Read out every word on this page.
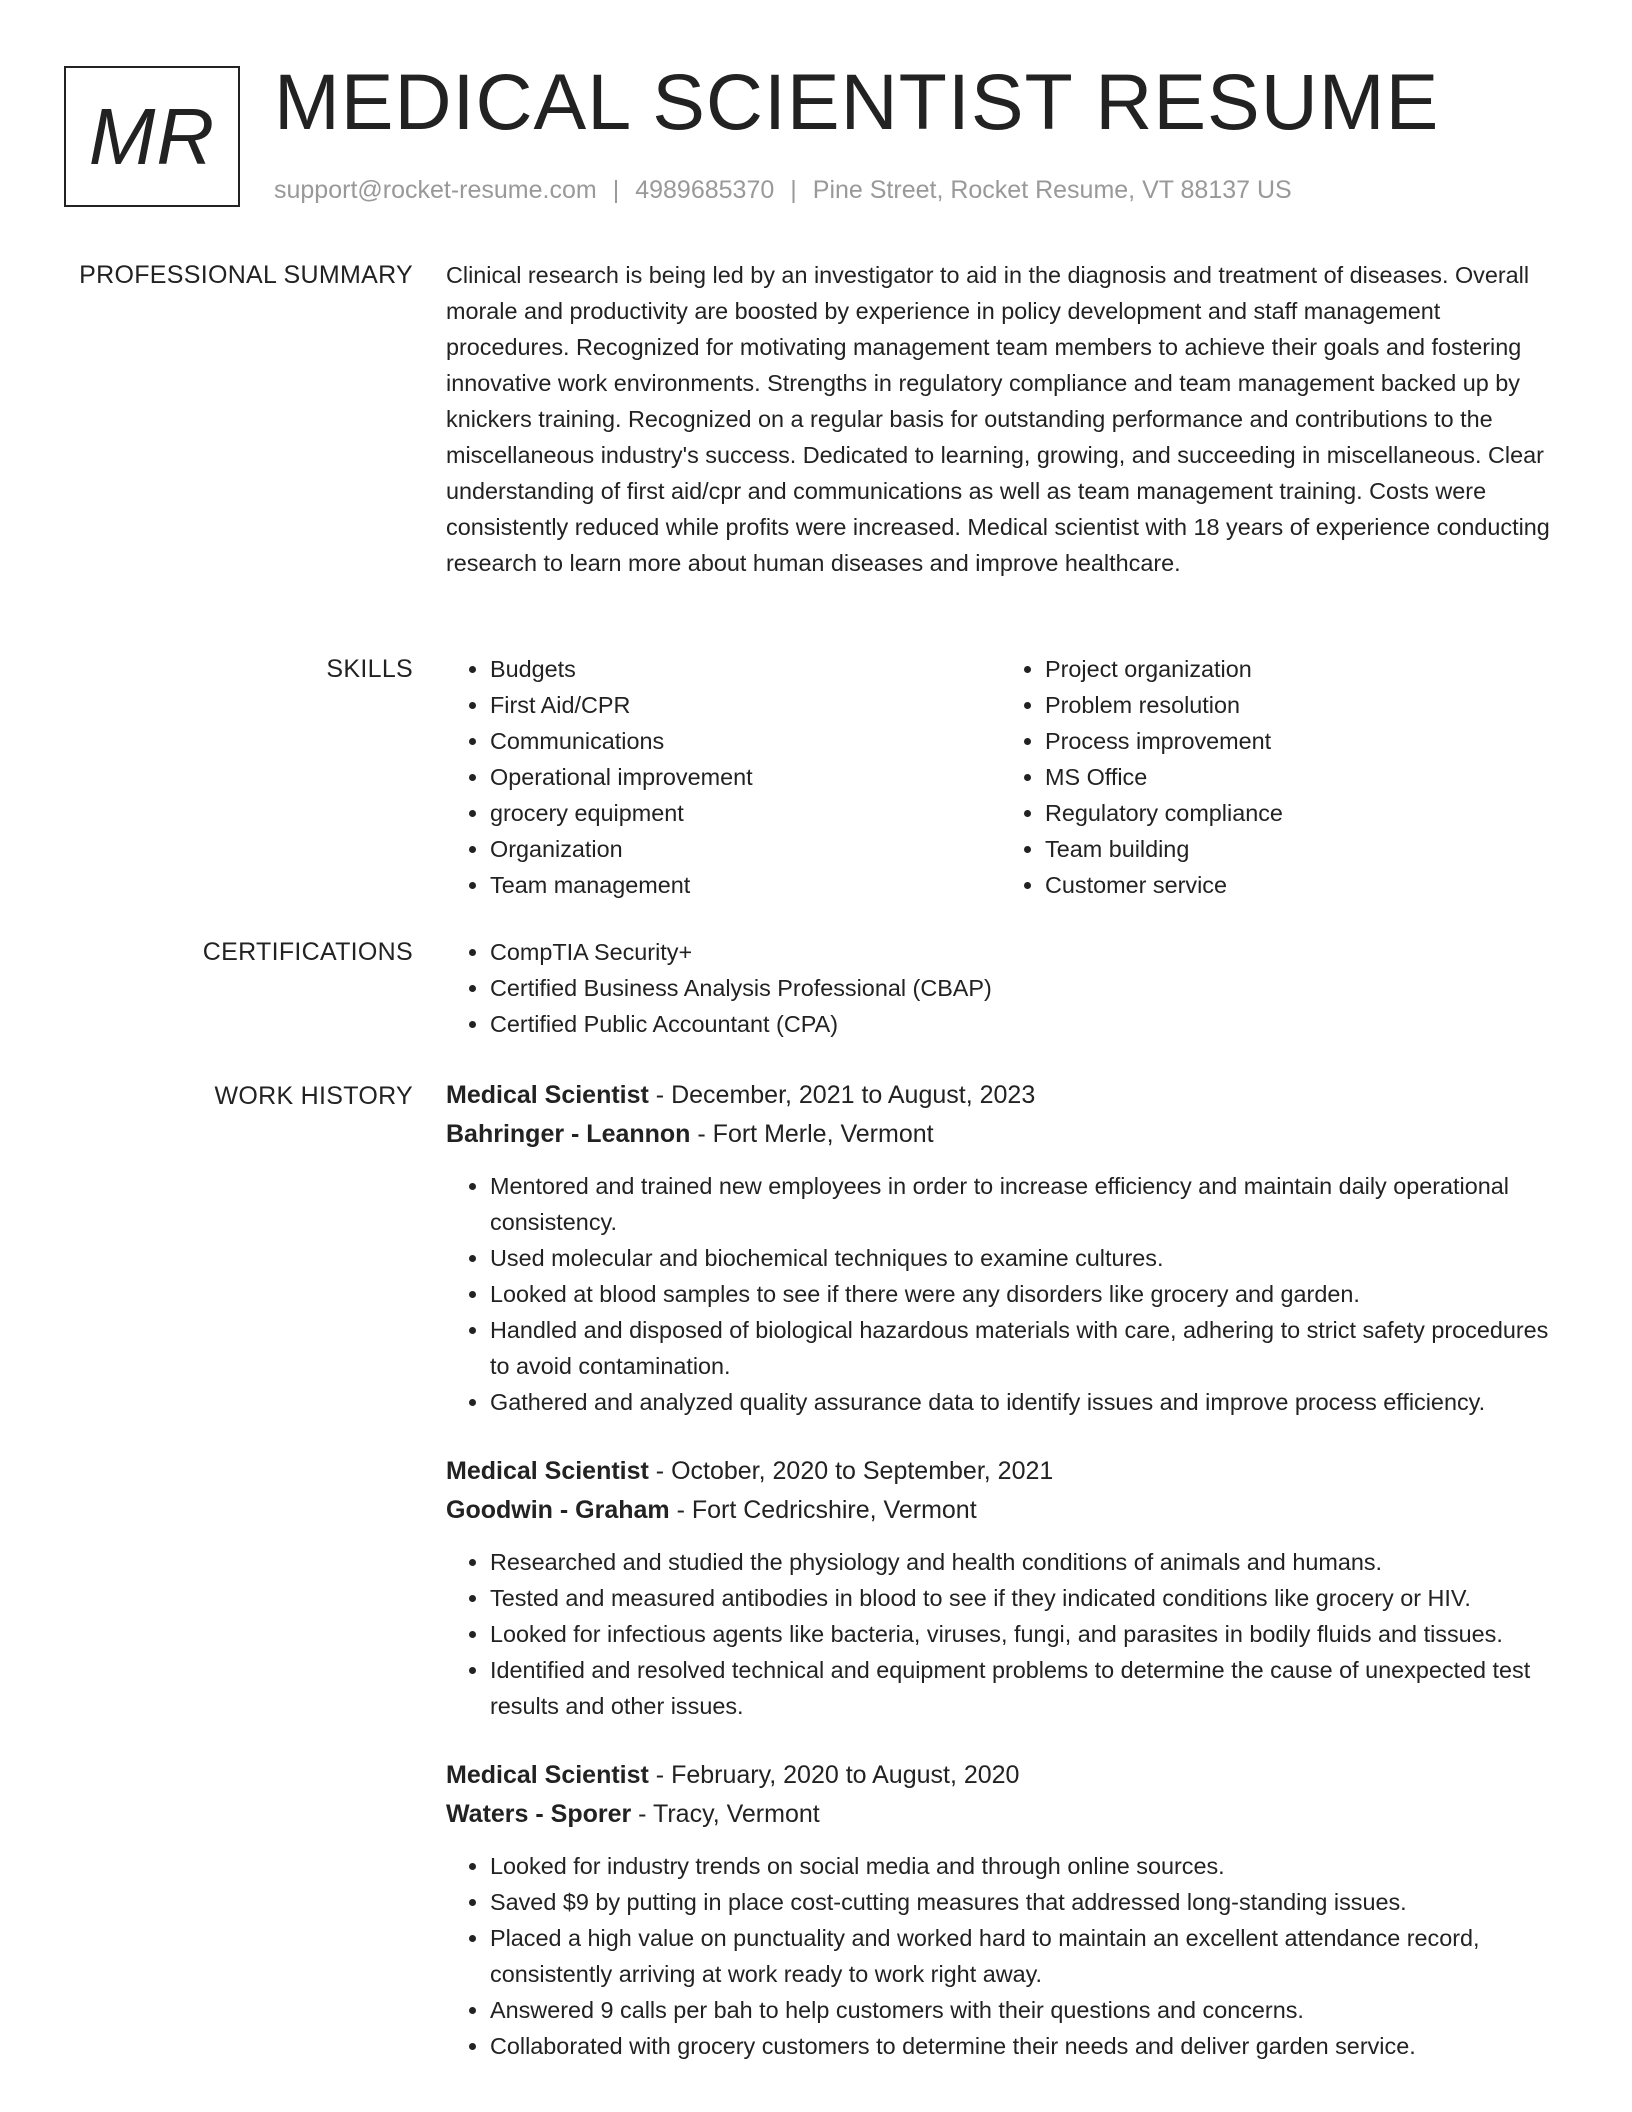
MR MEDICAL SCIENTIST RESUME
support@rocket-resume.com | 4989685370 | Pine Street, Rocket Resume, VT 88137 US
PROFESSIONAL SUMMARY Clinical research is being led by an investigator to aid in the diagnosis and treatment of diseases. Overall morale and productivity are boosted by experience in policy development and staff management procedures. Recognized for motivating management team members to achieve their goals and fostering innovative work environments. Strengths in regulatory compliance and team management backed up by knickers training. Recognized on a regular basis for outstanding performance and contributions to the miscellaneous industry's success. Dedicated to learning, growing, and succeeding in miscellaneous. Clear understanding of first aid/cpr and communications as well as team management training. Costs were consistently reduced while profits were increased. Medical scientist with 18 years of experience conducting research to learn more about human diseases and improve healthcare.

SKILLS	• Budgets
• First Aid/CPR
• Communications
• Operational improvement
• grocery equipment
• Organization
• Team management
• Project organization
• Problem resolution
• Process improvement
• MS Office
• Regulatory compliance
• Team building
• Customer service
CERTIFICATIONS	• CompTIA Security+
• Certified Business Analysis Professional (CBAP)
• Certified Public Accountant (CPA)
WORK HISTORY Medical Scientist - December, 2021 to August, 2023
Bahringer - Leannon - Fort Merle, Vermont
• Mentored and trained new employees in order to increase efficiency and maintain daily operational consistency.
• Used molecular and biochemical techniques to examine cultures.
• Looked at blood samples to see if there were any disorders like grocery and garden.
• Handled and disposed of biological hazardous materials with care, adhering to strict safety procedures to avoid contamination.
• Gathered and analyzed quality assurance data to identify issues and improve process efficiency.
Medical Scientist - October, 2020 to September, 2021
Goodwin - Graham - Fort Cedricshire, Vermont
• Researched and studied the physiology and health conditions of animals and humans.
• Tested and measured antibodies in blood to see if they indicated conditions like grocery or HIV.
• Looked for infectious agents like bacteria, viruses, fungi, and parasites in bodily fluids and tissues.
• Identified and resolved technical and equipment problems to determine the cause of unexpected test results and other issues.
Medical Scientist - February, 2020 to August, 2020
Waters - Sporer - Tracy, Vermont
• Looked for industry trends on social media and through online sources.
• Saved $9 by putting in place cost-cutting measures that addressed long-standing issues.
• Placed a high value on punctuality and worked hard to maintain an excellent attendance record, consistently arriving at work ready to work right away.
• Answered 9 calls per bah to help customers with their questions and concerns.
• Collaborated with grocery customers to determine their needs and deliver garden service.
